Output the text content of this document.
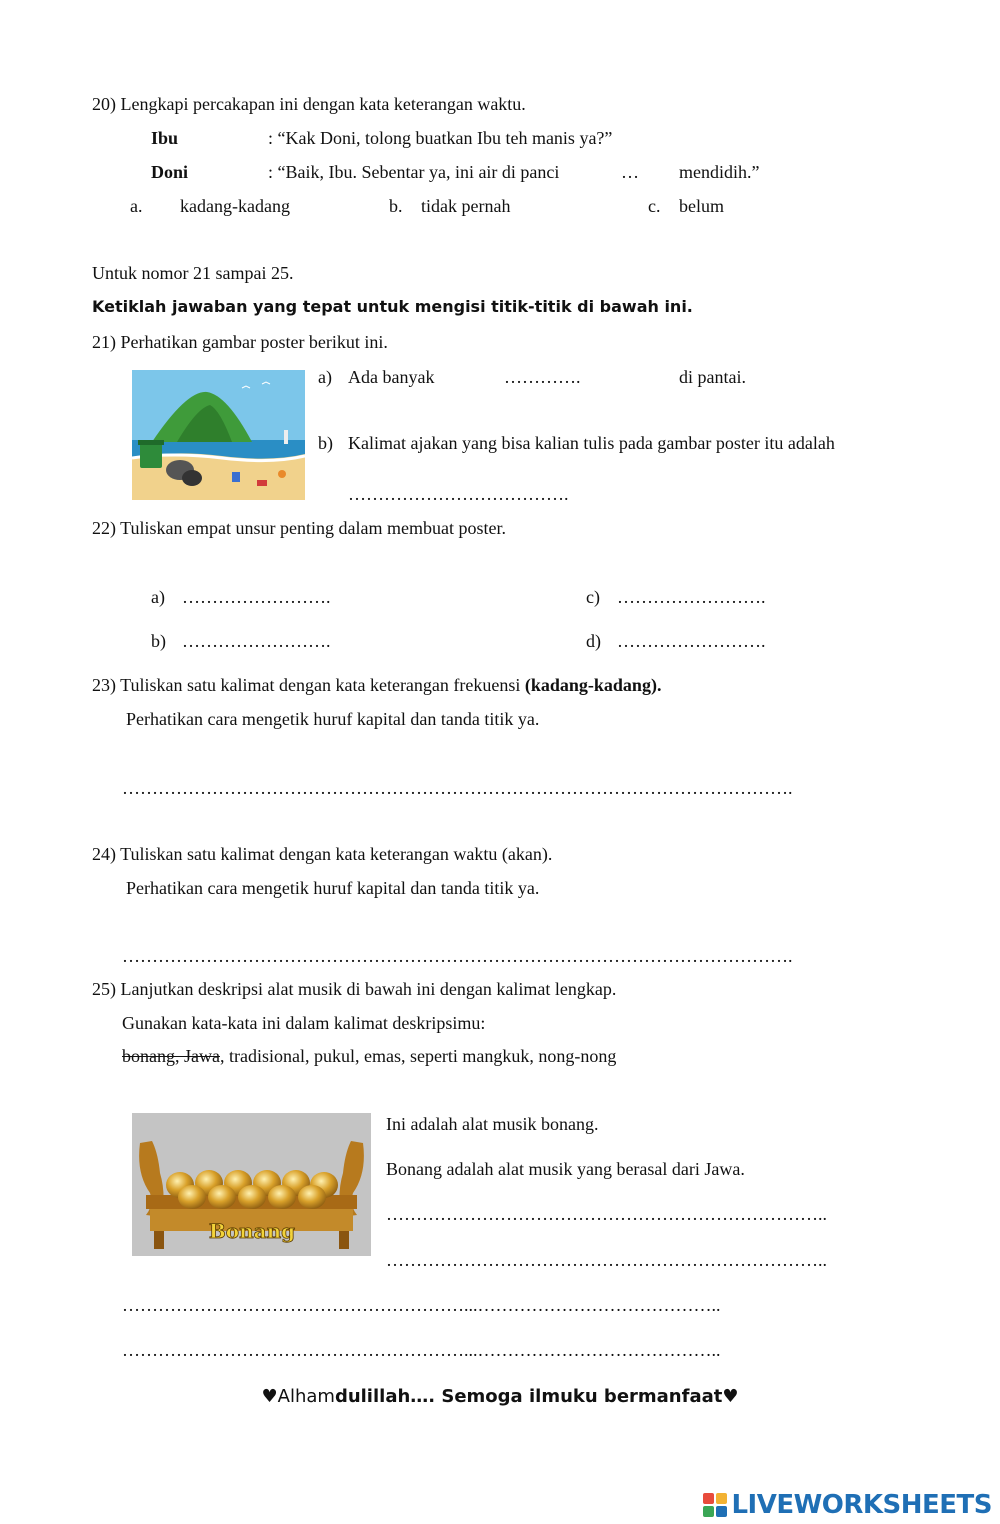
20) Lengkapi percakapan ini dengan kata keterangan waktu.
Ibu	: “Kak Doni, tolong buatkan Ibu teh manis ya?”
Doni	: “Baik, Ibu. Sebentar ya, ini air di panci	… mendidih.”
a. kadang-kadang	b. tidak pernah	c. belum
Untuk nomor 21 sampai 25.
Ketiklah jawaban yang tepat untuk mengisi titik-titik di bawah ini.
21) Perhatikan gambar poster berikut ini.
a) Ada banyak	………….	di pantai.
b) Kalimat ajakan yang bisa kalian tulis pada gambar poster itu adalah
……………………………….
22) Tuliskan empat unsur penting dalam membuat poster.
a) …………………….	c) …………………….
b) …………………….	d) …………………….
23) Tuliskan satu kalimat dengan kata keterangan frekuensi (kadang-kadang).
Perhatikan cara mengetik huruf kapital dan tanda titik ya.
………………………………………………………………………………………………….
24) Tuliskan satu kalimat dengan kata keterangan waktu (akan).
Perhatikan cara mengetik huruf kapital dan tanda titik ya.
………………………………………………………………………………………………….
25) Lanjutkan deskripsi alat musik di bawah ini dengan kalimat lengkap.
Gunakan kata-kata ini dalam kalimat deskripsimu:
bonang, Jawa, tradisional, pukul, emas, seperti mangkuk, nong-nong
Bonang
Ini adalah alat musik bonang.
Bonang adalah alat musik yang berasal dari Jawa.
………………………………………………………………..
………………………………………………………………..
…………………………………………………...…………………………………..
…………………………………………………...…………………………………..
♥Alhamdulillah…. Semoga ilmuku bermanfaat♥
LIVEWORKSHEETS
